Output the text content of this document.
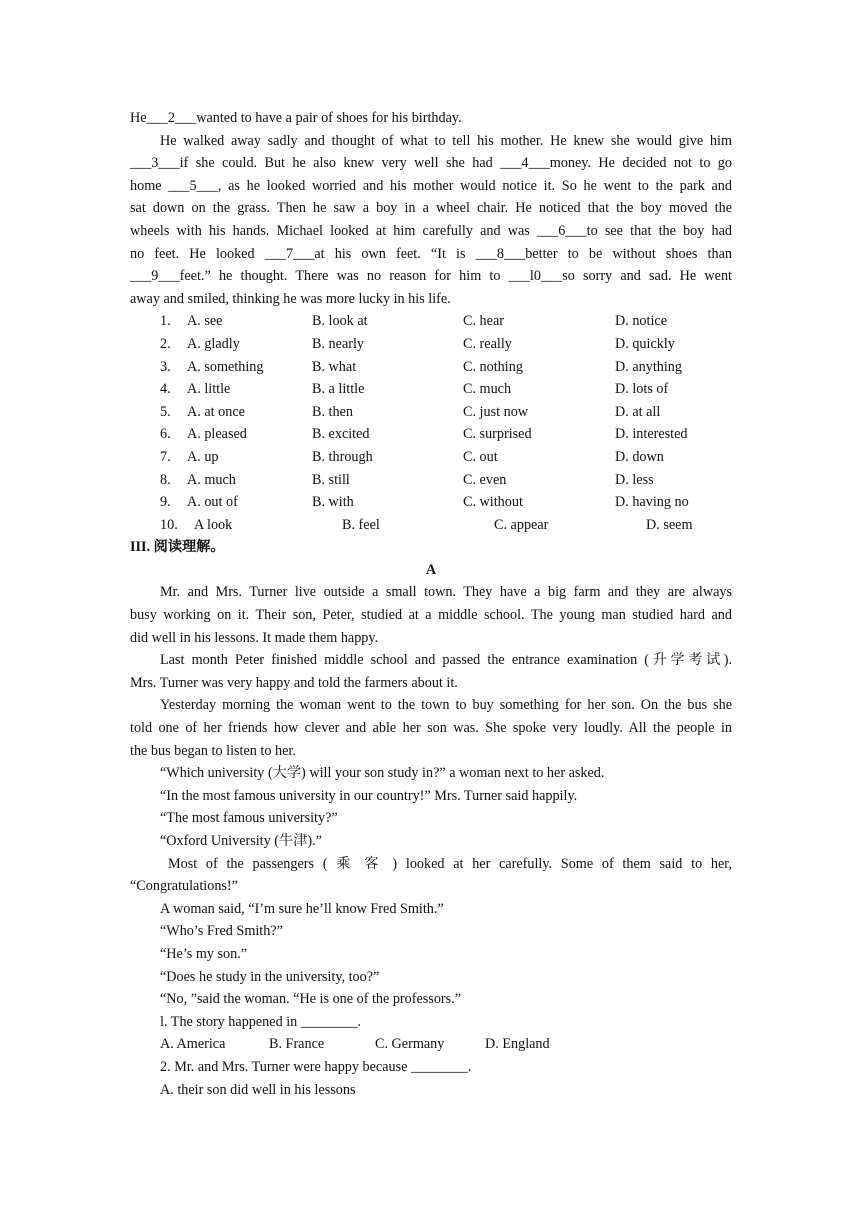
He___2___wanted to have a pair of shoes for his birthday.
He walked away sadly and thought of what to tell his mother. He knew she would give him
___3___if she could. But he also knew very well she had ___4___money. He decided not to go
home ___5___, as he looked worried and his mother would notice it. So he went to the park and
sat down on the grass. Then he saw a boy in a wheel chair. He noticed that the boy moved the
wheels with his hands. Michael looked at him carefully and was ___6___to see that the boy had
no feet. He looked ___7___at his own feet. “It is ___8___better to be without shoes than
___9___feet.” he thought. There was no reason for him to ___l0___so sorry and sad. He went
away and smiled, thinking he was more lucky in his life.
1. A. see	B. look at	C. hear	D. notice
2. A. gladly	B. nearly	C. really	D. quickly
3. A. something	B. what	C. nothing	D. anything
4. A. little	B. a little	C. much	D. lots of
5. A. at once	B. then	C. just now	D. at all
6. A. pleased	B. excited	C. surprised	D. interested
7. A. up	B. through	C. out	D. down
8. A. much	B. still	C. even	D. less
9. A. out of	B. with	C. without	D. having no
10. A look	B. feel	C. appear	D. seem
III. 阅读理解。
A
Mr. and Mrs. Turner live outside a small town. They have a big farm and they are always
busy working on it. Their son, Peter, studied at a middle school. The young man studied hard and
did well in his lessons. It made them happy.
Last month Peter finished middle school and passed the entrance examination (升学考试).
Mrs. Turner was very happy and told the farmers about it.
Yesterday morning the woman went to the town to buy something for her son. On the bus she
told one of her friends how clever and able her son was. She spoke very loudly. All the people in
the bus began to listen to her.
“Which university (大学) will your son study in?” a woman next to her asked.
“In the most famous university in our country!” Mrs. Turner said happily.
“The most famous university?”
“Oxford University (牛津).”
Most of the passengers ( 乘 客 ) looked at her carefully. Some of them said to her,
“Congratulations!”
A woman said, “I’m sure he’ll know Fred Smith.”
“Who’s Fred Smith?”
“He’s my son.”
“Does he study in the university, too?”
“No, ”said the woman. “He is one of the professors.”
l. The story happened in ________.
A. America	B. France	C. Germany	D. England
2. Mr. and Mrs. Turner were happy because ________.
A. their son did well in his lessons
